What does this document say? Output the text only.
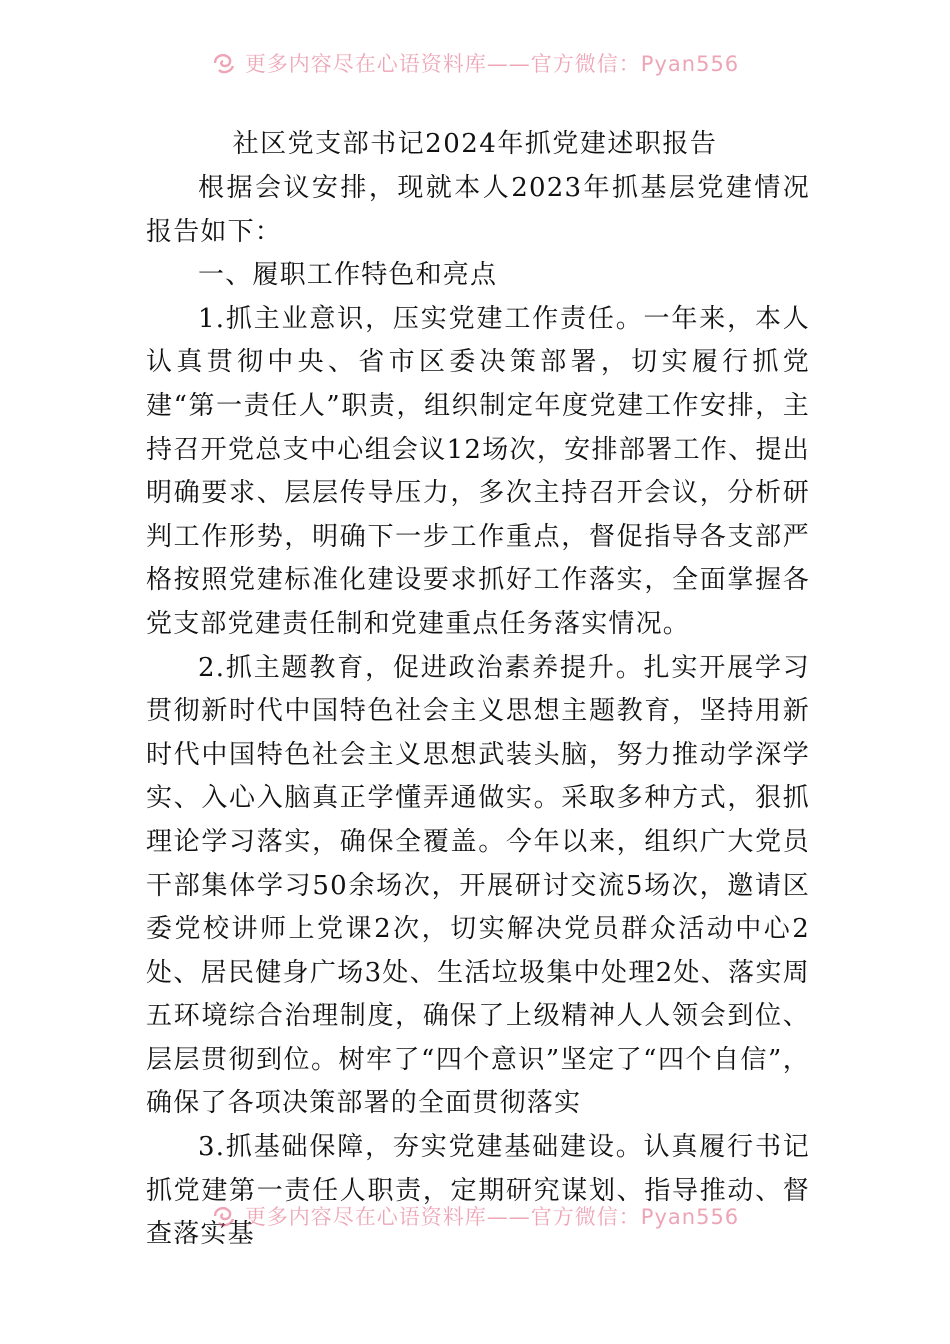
更多内容尽在心语资料库——官方微信：Pyan556
社区党支部书记2024年抓党建述职报告

根据会议安排，现就本人2023年抓基层党建情况报告如下：

一、履职工作特色和亮点

1.抓主业意识，压实党建工作责任。一年来，本人认真贯彻中央、省市区委决策部署，切实履行抓党建“第一责任人”职责，组织制定年度党建工作安排，主持召开党总支中心组会议12场次，安排部署工作、提出明确要求、层层传导压力，多次主持召开会议，分析研判工作形势，明确下一步工作重点，督促指导各支部严格按照党建标准化建设要求抓好工作落实，全面掌握各党支部党建责任制和党建重点任务落实情况。

2.抓主题教育，促进政治素养提升。扎实开展学习贯彻新时代中国特色社会主义思想主题教育，坚持用新时代中国特色社会主义思想武装头脑，努力推动学深学实、入心入脑真正学懂弄通做实。采取多种方式，狠抓理论学习落实，确保全覆盖。今年以来，组织广大党员干部集体学习50余场次，开展研讨交流5场次，邀请区委党校讲师上党课2次，切实解决党员群众活动中心2处、居民健身广场3处、生活垃圾集中处理2处、落实周五环境综合治理制度，确保了上级精神人人领会到位、层层贯彻到位。树牢了“四个意识”坚定了“四个自信”，确保了各项决策部署的全面贯彻落实

3.抓基础保障，夯实党建基础建设。认真履行书记抓党建第一责任人职责，定期研究谋划、指导推动、督查落实基

更多内容尽在心语资料库——官方微信：Pyan556
